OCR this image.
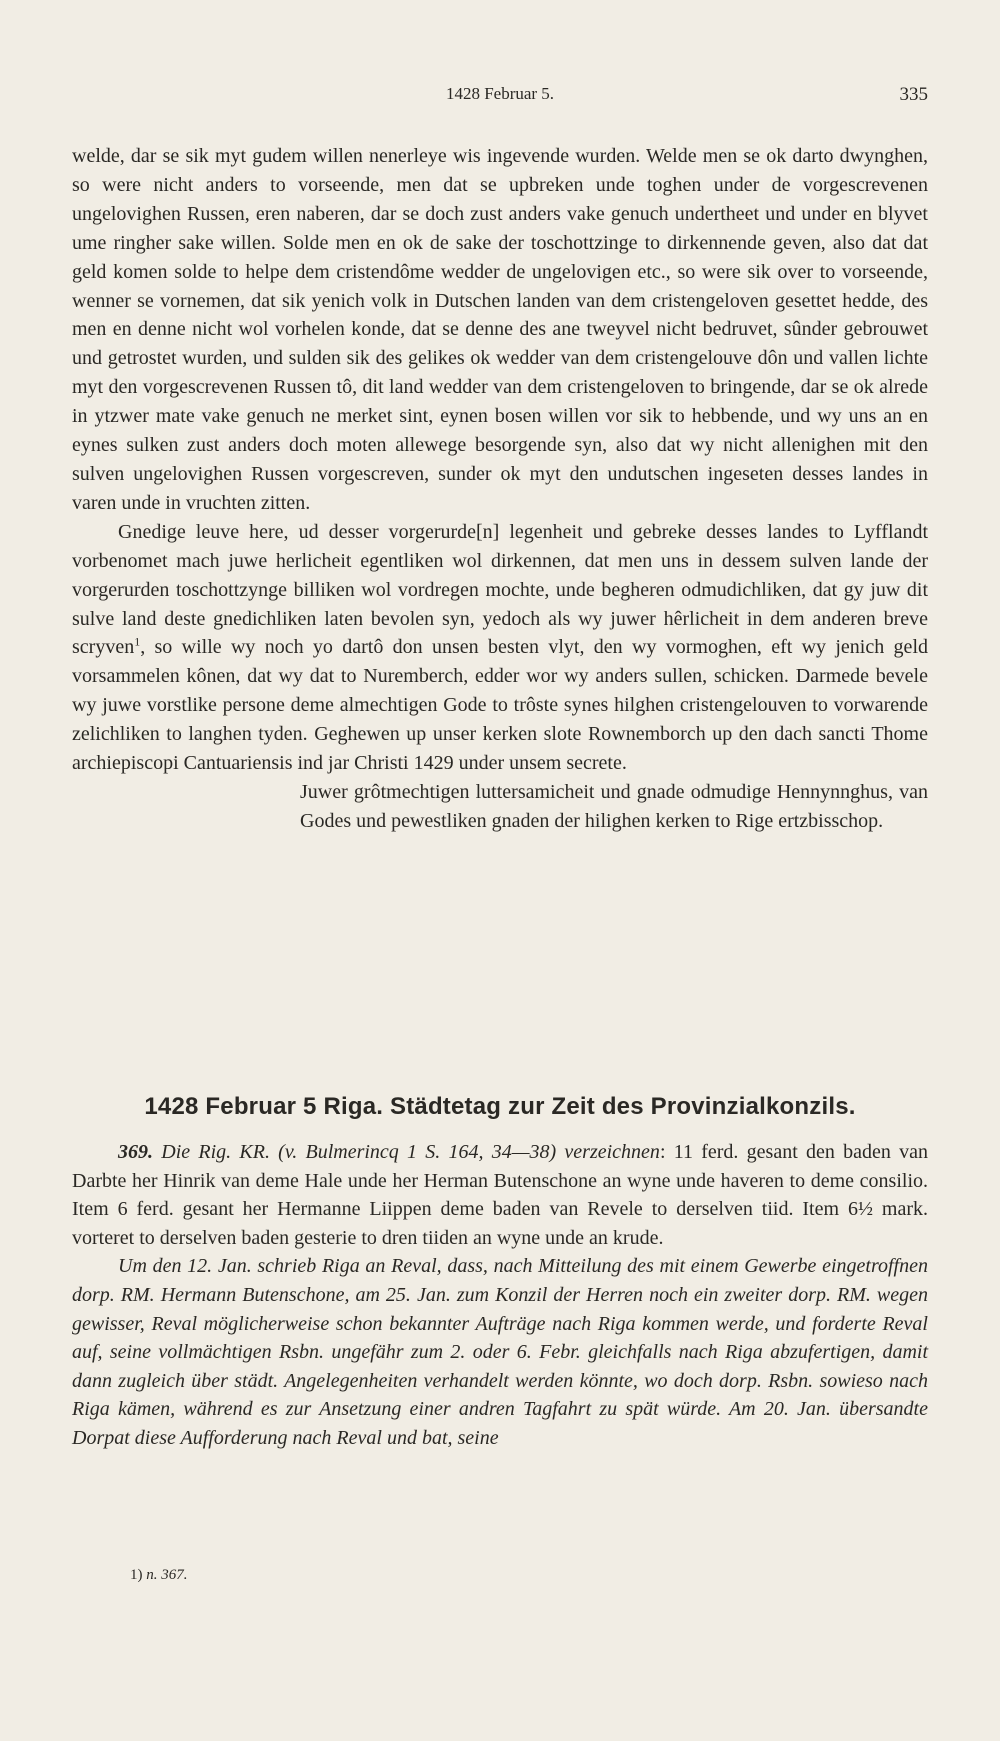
1428 Februar 5.	335

welde, dar se sik myt gudem willen nenerleye wis ingevende wurden. Welde men se ok darto dwynghen, so were nicht anders to vorseende, men dat se upbreken unde toghen under de vorgescrevenen ungelovighen Russen, eren naberen, dar se doch zust anders vake genuch undertheet und under en blyvet ume ringher sake willen. Solde men en ok de sake der toschottzinge to dirkennende geven, also dat dat geld komen solde to helpe dem cristendôme wedder de ungelovigen etc., so were sik over to vorseende, wenner se vornemen, dat sik yenich volk in Dutschen landen van dem cristengeloven gesettet hedde, des men en denne nicht wol vorhelen konde, dat se denne des ane tweyvel nicht bedruvet, sûnder gebrouwet und getrostet wurden, und sulden sik des gelikes ok wedder van dem cristengelouve dôn und vallen lichte myt den vorgescrevenen Russen tô, dit land wedder van dem cristengeloven to bringende, dar se ok alrede in ytzwer mate vake genuch ne merket sint, eynen bosen willen vor sik to hebbende, und wy uns an en eynes sulken zust anders doch moten allewege besorgende syn, also dat wy nicht allenighen mit den sulven ungelovighen Russen vorgescreven, sunder ok myt den undutschen ingeseten desses landes in varen unde in vruchten zitten.

Gnedige leuve here, ud desser vorgerurde[n] legenheit und gebreke desses landes to Lyfflandt vorbenomet mach juwe herlicheit egentliken wol dirkennen, dat men uns in dessem sulven lande der vorgerurden toschottzynge billiken wol vordregen mochte, unde begheren odmudichliken, dat gy juw dit sulve land deste gnedichliken laten bevolen syn, yedoch als wy juwer hêrlicheit in dem anderen breve scryven$^1$, so wille wy noch yo dartô don unsen besten vlyt, den wy vormoghen, eft wy jenich geld vorsammelen kônen, dat wy dat to Nuremberch, edder wor wy anders sullen, schicken. Darmede bevele wy juwe vorstlike persone deme almechtigen Gode to trôste synes hilghen cristengelouven to vorwarende zelichliken to langhen tyden. Geghewen up unser kerken slote Rownemborch up den dach sancti Thome archiepiscopi Cantuariensis ind jar Christi 1429 under unsem secrete.

Juwer grôtmechtigen luttersamicheit und gnade odmudige Hennynnghus, van Godes und pewestliken gnaden der hilighen kerken to Rige ertzbisschop.

1428 Februar 5 Riga. Städtetag zur Zeit des Provinzialkonzils.

369. Die Rig. KR. (v. Bulmerincq 1 S. 164, 34—38) verzeichnen: 11 ferd. gesant den baden van Darbte her Hinrik van deme Hale unde her Herman Butenschone an wyne unde haveren to deme consilio. Item 6 ferd. gesant her Hermanne Liippen deme baden van Revele to derselven tiid. Item 6½ mark. vorteret to derselven baden gesterie to dren tiiden an wyne unde an krude.

Um den 12. Jan. schrieb Riga an Reval, dass, nach Mitteilung des mit einem Gewerbe eingetroffnen dorp. RM. Hermann Butenschone, am 25. Jan. zum Konzil der Herren noch ein zweiter dorp. RM. wegen gewisser, Reval möglicherweise schon bekannter Aufträge nach Riga kommen werde, und forderte Reval auf, seine vollmächtigen Rsbn. ungefähr zum 2. oder 6. Febr. gleichfalls nach Riga abzufertigen, damit dann zugleich über städt. Angelegenheiten verhandelt werden könnte, wo doch dorp. Rsbn. sowieso nach Riga kämen, während es zur Ansetzung einer andren Tagfahrt zu spät würde. Am 20. Jan. übersandte Dorpat diese Aufforderung nach Reval und bat, seine

1) n. 367.
